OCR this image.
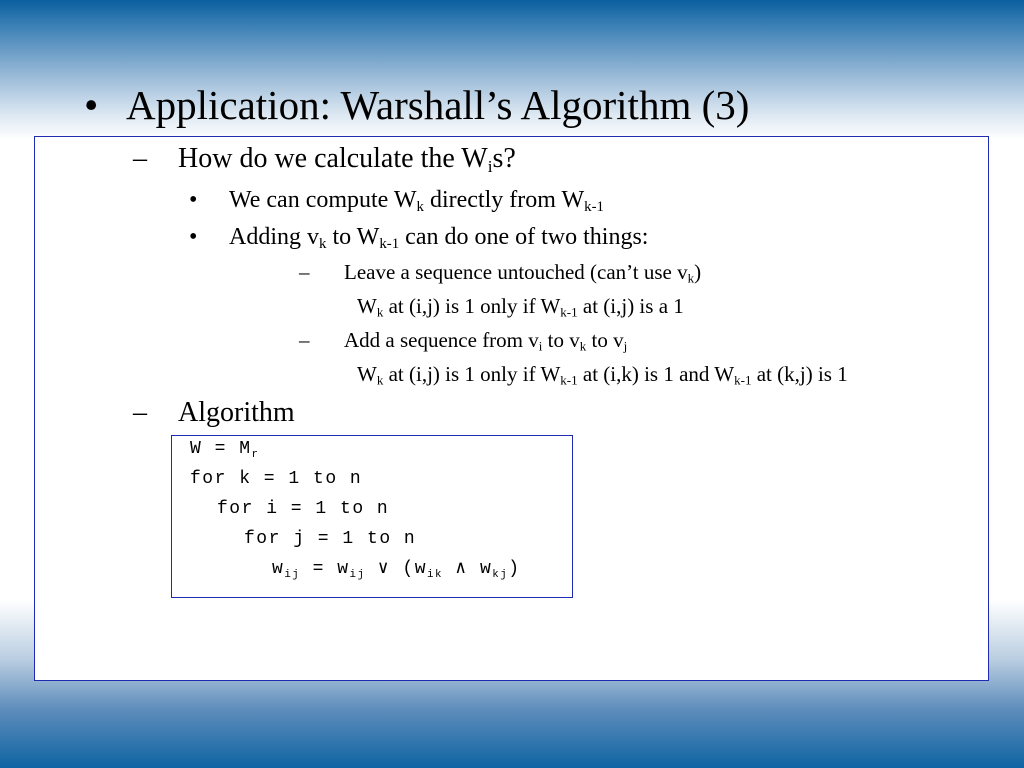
• Application: Warshall’s Algorithm (3)
– How do we calculate the $W_is$?
• We can compute $W_k$ directly from $W_{k-1}$
• Adding $v_k$ to $W_{k-1}$ can do one of two things:
– Leave a sequence untouched (can’t use $v_k$)
$W_k$ at (i,j) is 1 only if $W_{k-1}$ at (i,j) is a 1
– Add a sequence from $v_i$ to $v_k$ to $v_j$
$W_k$ at (i,j) is 1 only if $W_{k-1}$ at (i,k) is 1 and $W_{k-1}$ at (k,j) is 1
– Algorithm
$W = M_r$
for k = 1 to n
for i = 1 to n
for j = 1 to n
$w_{ij} = w_{ij}$ ∨ ($w_{ik}$ ∧ $w_{kj}$)
